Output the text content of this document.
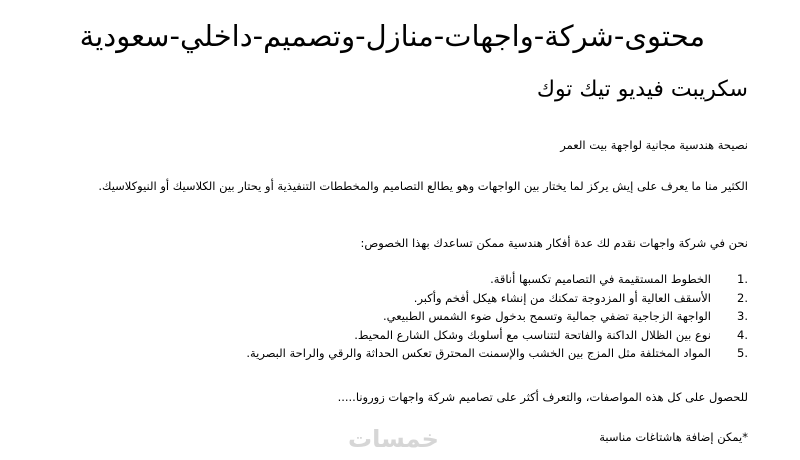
محتوى-شركة-واجهات-منازل-وتصميم-داخلي-سعودية
سكريبت فيديو تيك توك

نصيحة هندسية مجانية لواجهة بيت العمر

الكثير منا ما يعرف على إيش يركز لما يختار بين الواجهات وهو يطالع التصاميم والمخططات التنفيذية أو يحتار بين الكلاسيك أو النيوكلاسيك.

نحن في شركة واجهات نقدم لك عدة أفكار هندسية ممكن تساعدك بهذا الخصوص:

1.
الخطوط المستقيمة في التصاميم تكسبها أناقة.
2.
الأسقف العالية أو المزدوجة تمكنك من إنشاء هيكل أفخم وأكبر.
3.
الواجهة الزجاجية تضفي جمالية وتسمح بدخول ضوء الشمس الطبيعي.
4.
نوع بين الظلال الداكنة والفاتحة لتتناسب مع أسلوبك وشكل الشارع المحيط.
5.
المواد المختلفة مثل المزج بين الخشب والإسمنت المحترق تعكس الحداثة والرقي والراحة البصرية.

للحصول على كل هذه المواصفات، والتعرف أكثر على تصاميم شركة واجهات زورونا.....

خمسات	*يمكن إضافة هاشتاغات مناسبة
